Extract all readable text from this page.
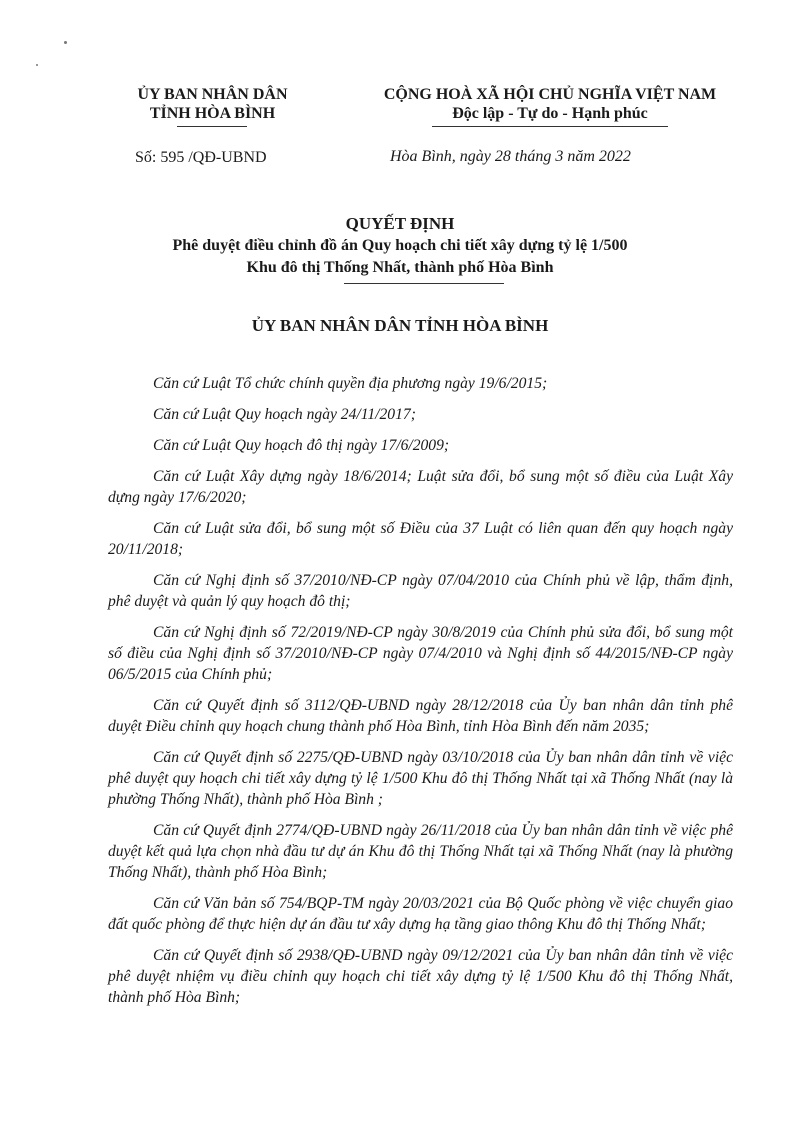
ỦY BAN NHÂN DÂN
TỈNH HÒA BÌNH
CỘNG HOÀ XÃ HỘI CHỦ NGHĨA VIỆT NAM
Độc lập - Tự do - Hạnh phúc
Số: 595 /QĐ-UBND	Hòa Bình, ngày 28 tháng 3 năm 2022
QUYẾT ĐỊNH
Phê duyệt điều chỉnh đồ án Quy hoạch chi tiết xây dựng tỷ lệ 1/500
Khu đô thị Thống Nhất, thành phố Hòa Bình
ỦY BAN NHÂN DÂN TỈNH HÒA BÌNH

Căn cứ Luật Tổ chức chính quyền địa phương ngày 19/6/2015;

Căn cứ Luật Quy hoạch ngày 24/11/2017;

Căn cứ Luật Quy hoạch đô thị ngày 17/6/2009;

Căn cứ Luật Xây dựng ngày 18/6/2014; Luật sửa đổi, bổ sung một số điều của Luật Xây dựng ngày 17/6/2020;

Căn cứ Luật sửa đổi, bổ sung một số Điều của 37 Luật có liên quan đến quy hoạch ngày 20/11/2018;

Căn cứ Nghị định số 37/2010/NĐ-CP ngày 07/04/2010 của Chính phủ về lập, thẩm định, phê duyệt và quản lý quy hoạch đô thị;

Căn cứ Nghị định số 72/2019/NĐ-CP ngày 30/8/2019 của Chính phủ sửa đổi, bổ sung một số điều của Nghị định số 37/2010/NĐ-CP ngày 07/4/2010 và Nghị định số 44/2015/NĐ-CP ngày 06/5/2015 của Chính phủ;

Căn cứ Quyết định số 3112/QĐ-UBND ngày 28/12/2018 của Ủy ban nhân dân tỉnh phê duyệt Điều chỉnh quy hoạch chung thành phố Hòa Bình, tỉnh Hòa Bình đến năm 2035;

Căn cứ Quyết định số 2275/QĐ-UBND ngày 03/10/2018 của Ủy ban nhân dân tỉnh về việc phê duyệt quy hoạch chi tiết xây dựng tỷ lệ 1/500 Khu đô thị Thống Nhất tại xã Thống Nhất (nay là phường Thống Nhất), thành phố Hòa Bình ;

Căn cứ Quyết định 2774/QĐ-UBND ngày 26/11/2018 của Ủy ban nhân dân tỉnh về việc phê duyệt kết quả lựa chọn nhà đầu tư dự án Khu đô thị Thống Nhất tại xã Thống Nhất (nay là phường Thống Nhất), thành phố Hòa Bình;

Căn cứ Văn bản số 754/BQP-TM ngày 20/03/2021 của Bộ Quốc phòng về việc chuyển giao đất quốc phòng để thực hiện dự án đầu tư xây dựng hạ tầng giao thông Khu đô thị Thống Nhất;

Căn cứ Quyết định số 2938/QĐ-UBND ngày 09/12/2021 của Ủy ban nhân dân tỉnh về việc phê duyệt nhiệm vụ điều chỉnh quy hoạch chi tiết xây dựng tỷ lệ 1/500 Khu đô thị Thống Nhất, thành phố Hòa Bình;
